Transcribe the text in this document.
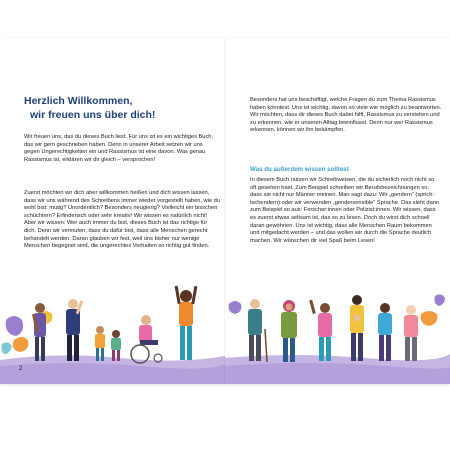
Herzlich Willkommen,
wir freuen uns über dich!

Wir freuen uns, das du dieses Buch liest. Für uns ist es ein wichtiges Buch, das wir gern geschrieben haben. Denn in unserer Arbeit setzen wir uns gegen Ungerechtigkeiten ein und Rassismus ist eine davon. Was genau Rassismus ist, erklären wir dir gleich – versprochen!

Zuerst möchten wir dich aber willkommen heißen und dich wissen lassen, dass wir uns während des Schreibens immer wieder vorgestellt haben, wie du wohl bist: mutig? Unordentlich? Besonders neugierig? Vielleicht ein bisschen schüchtern? Erfinderisch oder sehr kreativ! Wir wissen es natürlich nicht! Aber wir wissen: Wer auch immer du bist, dieses Buch ist das richtige für dich. Denn wir vermuten, dass du dafür bist, dass alle Menschen gerecht behandelt werden. Daran glauben wir fest, weil uns bisher nur wenige Menschen begegnet sind, die ungerechtes Verhalten so richtig gut finden.

2

Besonders hat uns beschäftigt, welche Fragen du zum Thema Rassismus haben könntest. Uns ist wichtig, davon so viele wie möglich zu beantworten. Wir möchten, dass dir dieses Buch dabei hilft, Rassismus zu verstehen und zu erkennen, wie er unseren Alltag beeinflusst. Denn nur wer Rassismus erkennen, können wir ihn bekämpfen.

Was du außerdem wissen solltest

In diesem Buch nutzen wir Schreibweisen, die du sicherlich noch nicht so oft gesehen hast. Zum Beispiel schreiben wir Berufsbezeichnungen so, dass sie nicht nur Männer meinen. Man sagt dazu: Wir „gendern“ (sprich: tschendern) oder wir verwenden „gendersensible“ Sprache. Das sieht dann zum Beispiel so aus: Forscher:innen oder Polizist:innen. Wir wissen, dass es zuerst etwas seltsam ist, das so zu lesen. Doch du wirst dich schnell daran gewöhnen. Uns ist wichtig, dass alle Menschen Raum bekommen und mitgedacht werden – und das wollen wir durch die Sprache deutlich machen. Wir wünschen dir viel Spaß beim Lesen!
